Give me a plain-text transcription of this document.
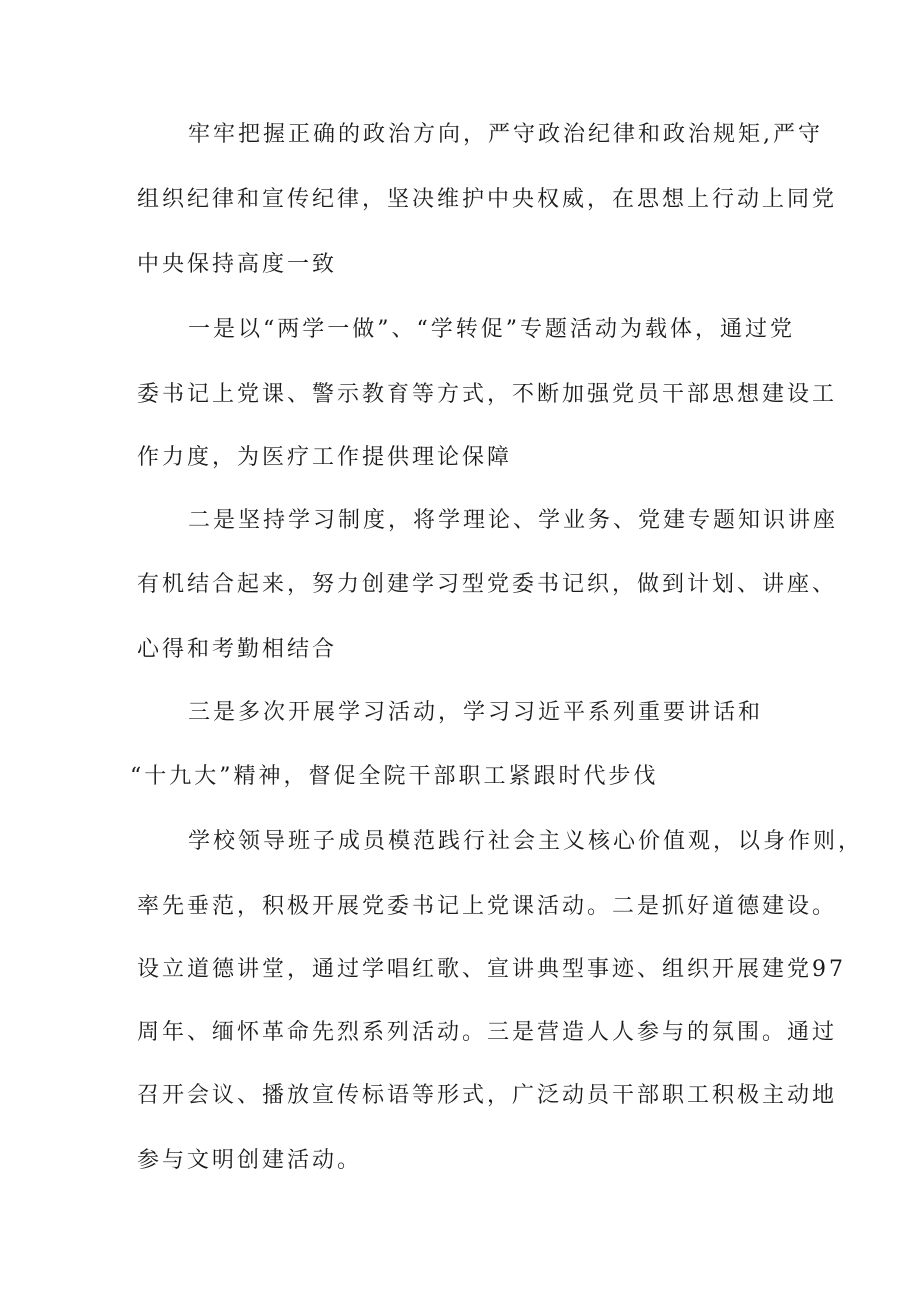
牢牢把握正确的政治方向，严守政治纪律和政治规矩,严守
组织纪律和宣传纪律，坚决维护中央权威，在思想上行动上同党
中央保持高度一致
一是以“两学一做”、“学转促”专题活动为载体，通过党
委书记上党课、警示教育等方式，不断加强党员干部思想建设工
作力度，为医疗工作提供理论保障
二是坚持学习制度，将学理论、学业务、党建专题知识讲座
有机结合起来，努力创建学习型党委书记织，做到计划、讲座、
心得和考勤相结合
三是多次开展学习活动，学习习近平系列重要讲话和
“十九大”精神，督促全院干部职工紧跟时代步伐
学校领导班子成员模范践行社会主义核心价值观，以身作则，
率先垂范，积极开展党委书记上党课活动。二是抓好道德建设。
设立道德讲堂，通过学唱红歌、宣讲典型事迹、组织开展建党97
周年、缅怀革命先烈系列活动。三是营造人人参与的氛围。通过
召开会议、播放宣传标语等形式，广泛动员干部职工积极主动地
参与文明创建活动。
